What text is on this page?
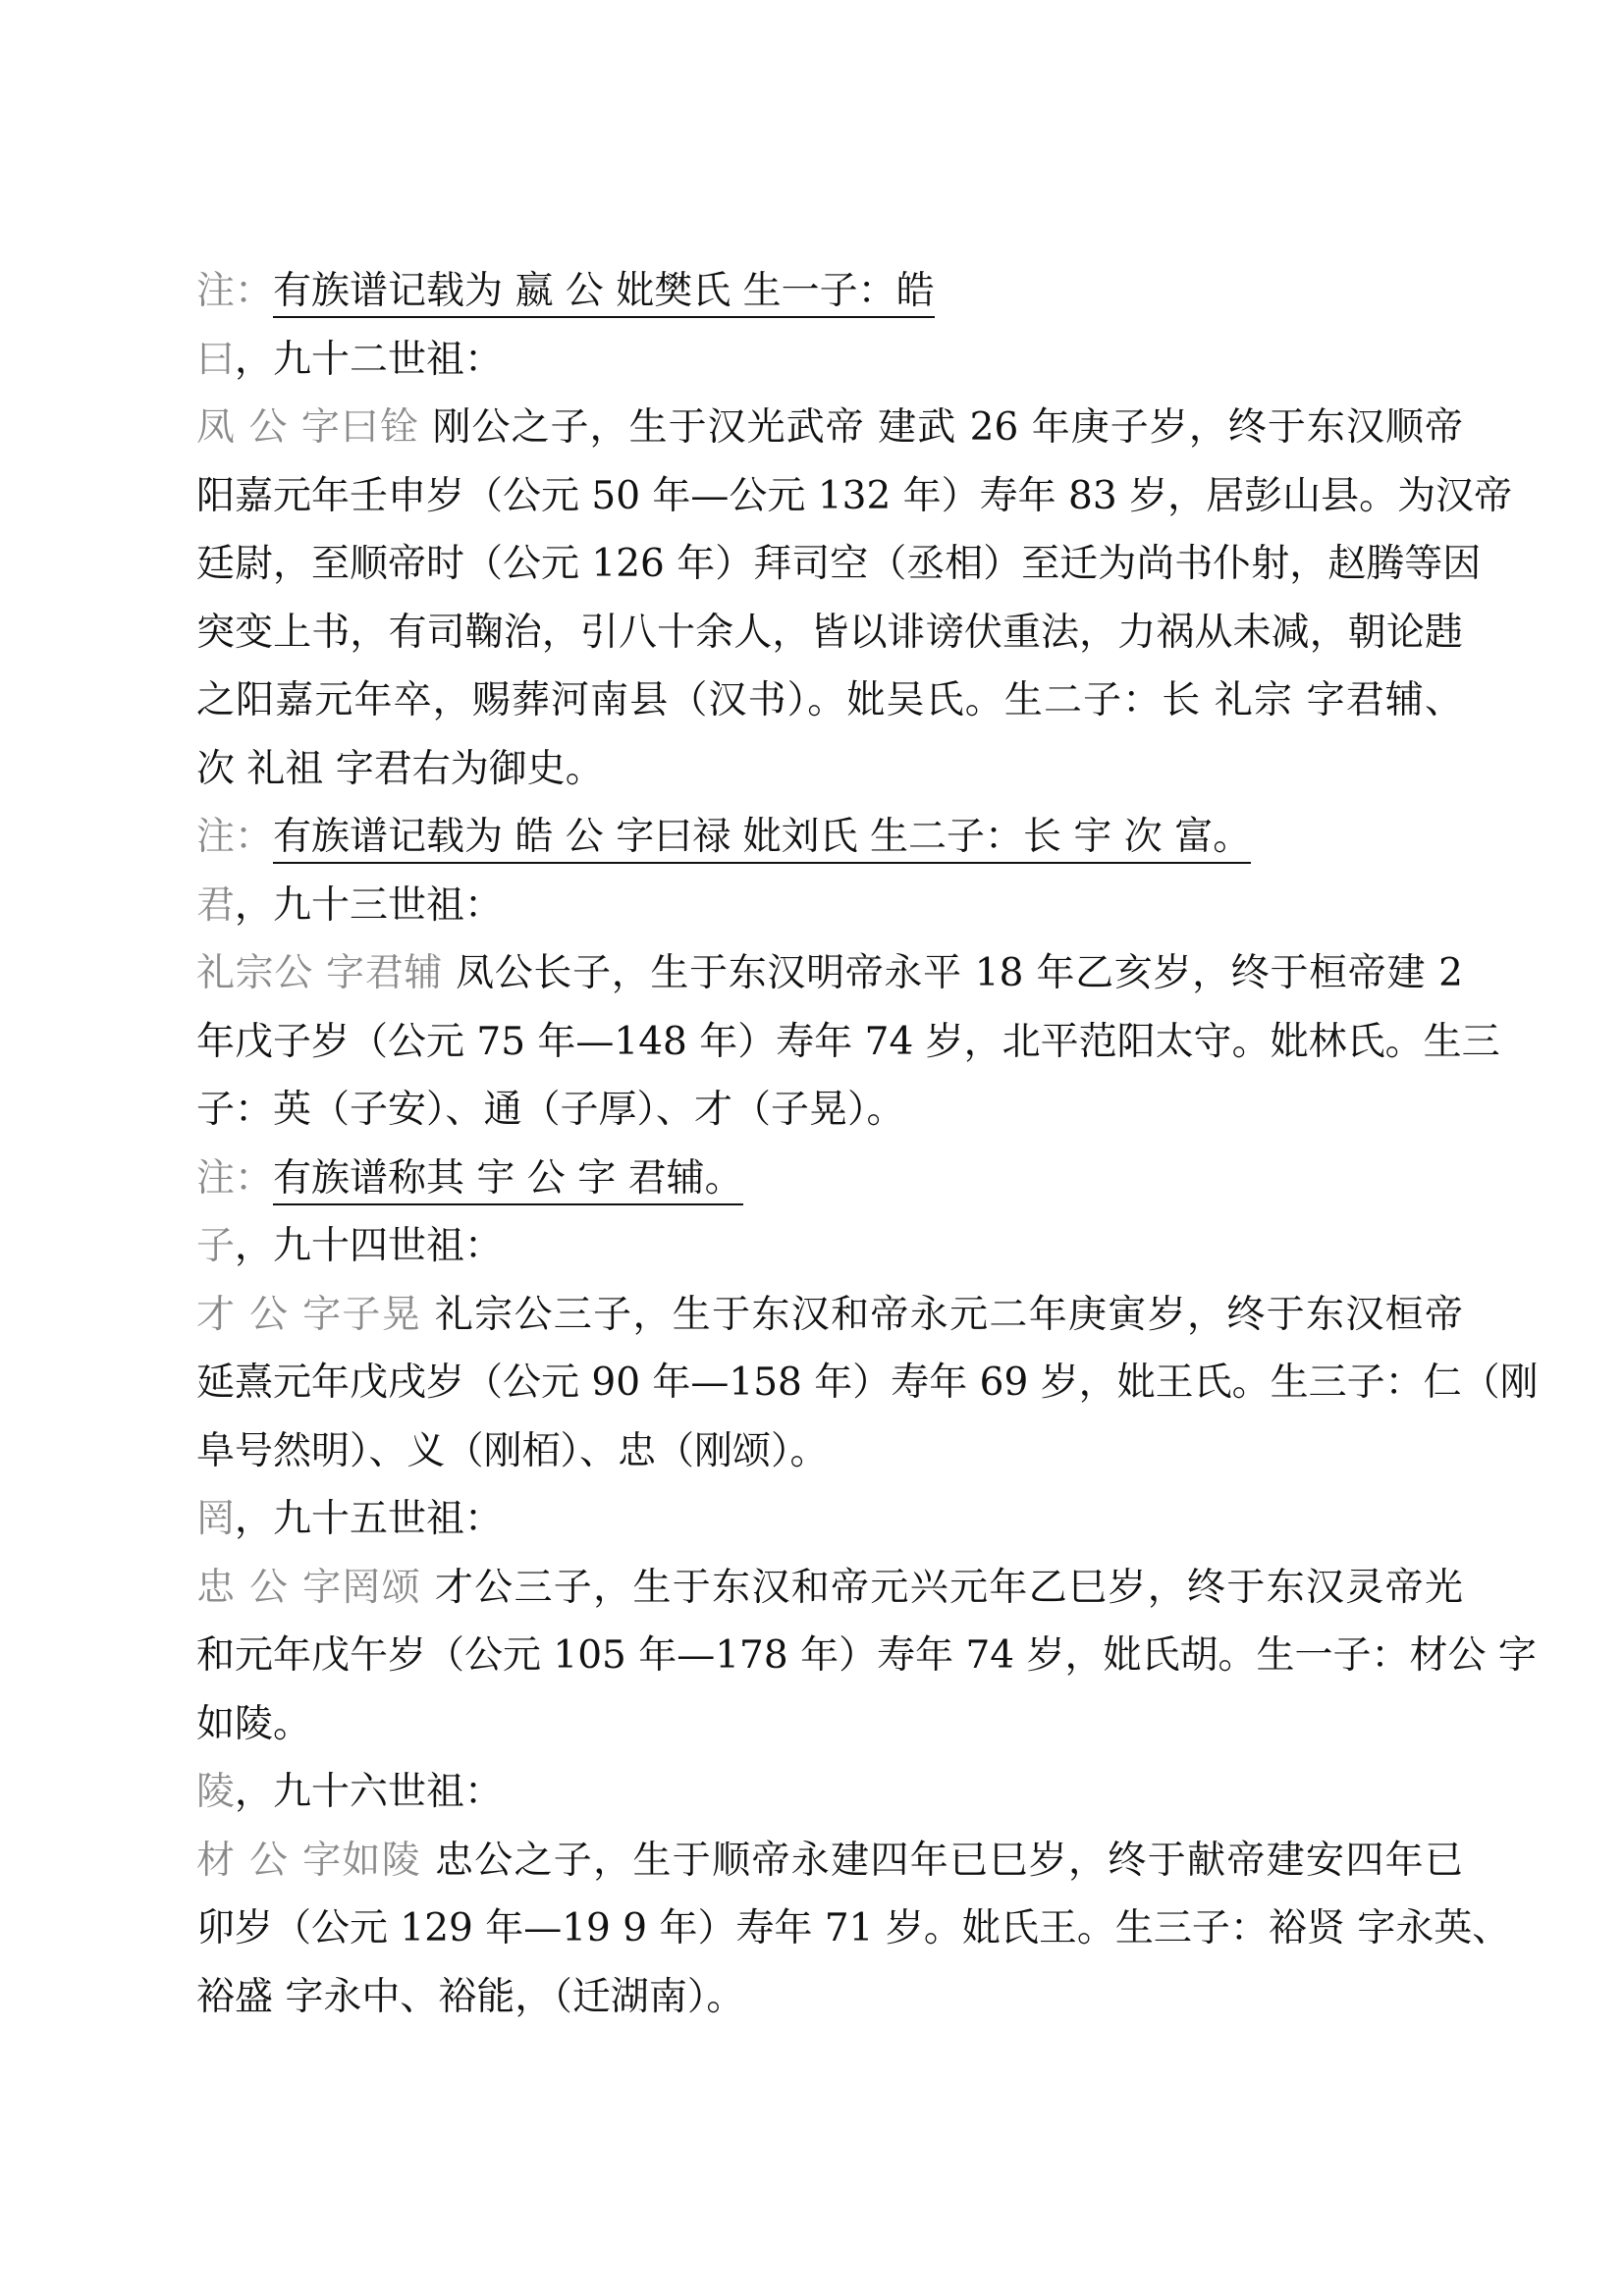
注：有族谱记载为 嬴 公 妣樊氏 生一子：皓
曰，九十二世祖：
凤 公 字曰铨 刚公之子，生于汉光武帝 建武 26 年庚子岁，终于东汉顺帝
阳嘉元年壬申岁（公元 50 年—公元 132 年）寿年 83 岁，居彭山县。为汉帝
廷尉，至顺帝时（公元 126 年）拜司空（丞相）至迁为尚书仆射，赵腾等因
突变上书，有司鞠治，引八十余人，皆以诽谤伏重法，力祸从未减，朝论韪
之阳嘉元年卒，赐葬河南县（汉书）。妣吴氏。生二子：长 礼宗 字君辅、
次 礼祖 字君右为御史。
注：有族谱记载为 皓 公 字曰禄 妣刘氏 生二子：长 宇 次 富。
君，九十三世祖：
礼宗公 字君辅 凤公长子，生于东汉明帝永平 18 年乙亥岁，终于桓帝建 2
年戊子岁（公元 75 年—148 年）寿年 74 岁，北平范阳太守。妣林氏。生三
子：英（子安）、通（子厚）、才（子晃）。
注：有族谱称其 宇 公 字 君辅。
子，九十四世祖：
才 公 字子晃 礼宗公三子，生于东汉和帝永元二年庚寅岁，终于东汉桓帝
延熹元年戊戌岁（公元 90 年—158 年）寿年 69 岁，妣王氏。生三子：仁（刚
阜号然明）、义（刚栢）、忠（刚颂）。
罔，九十五世祖：
忠 公 字罔颂 才公三子，生于东汉和帝元兴元年乙巳岁，终于东汉灵帝光
和元年戊午岁（公元 105 年—178 年）寿年 74 岁，妣氏胡。生一子：材公 字
如陵。
陵，九十六世祖：
材 公 字如陵 忠公之子，生于顺帝永建四年已巳岁，终于献帝建安四年已
卯岁（公元 129 年—19 9 年）寿年 71 岁。妣氏王。生三子：裕贤 字永英、
裕盛 字永中、裕能，（迁湖南）。
